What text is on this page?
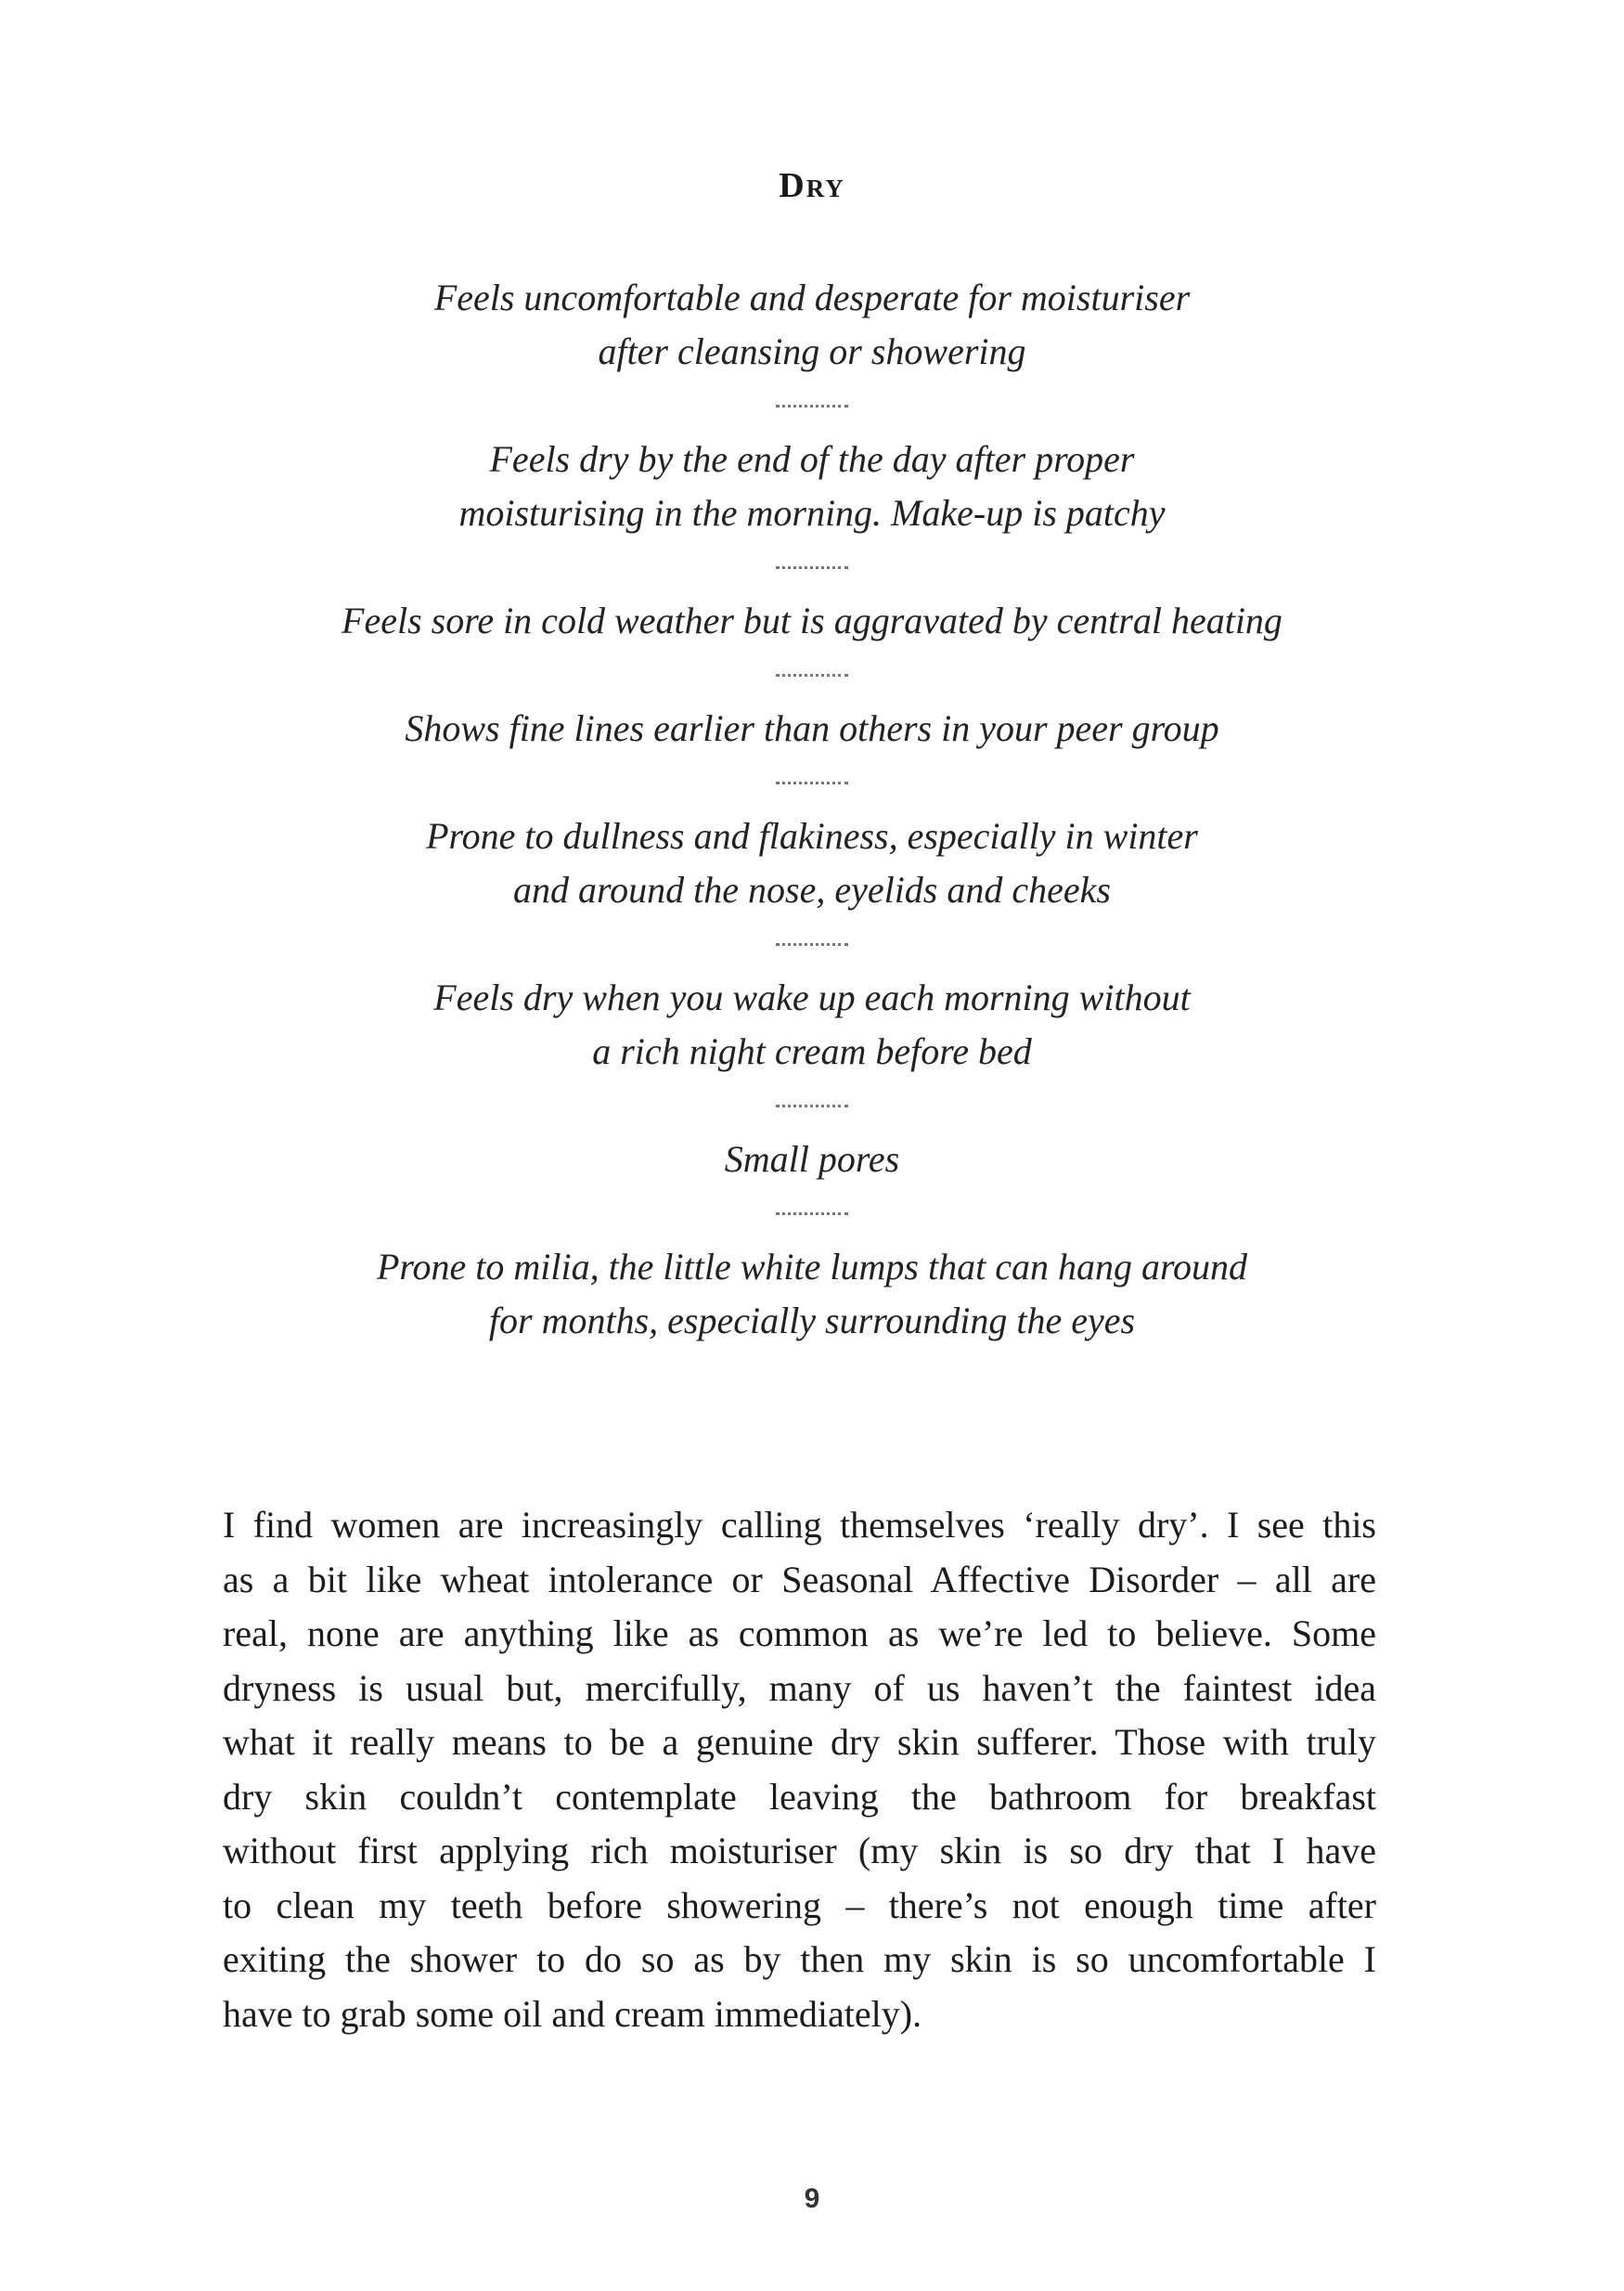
Dry
Feels uncomfortable and desperate for moisturiser
after cleansing or showering
Feels dry by the end of the day after proper
moisturising in the morning. Make-up is patchy
Feels sore in cold weather but is aggravated by central heating
Shows fine lines earlier than others in your peer group
Prone to dullness and flakiness, especially in winter
and around the nose, eyelids and cheeks
Feels dry when you wake up each morning without
a rich night cream before bed
Small pores
Prone to milia, the little white lumps that can hang around
for months, especially surrounding the eyes
I find women are increasingly calling themselves ‘really dry’. I see this
as a bit like wheat intolerance or Seasonal Affective Disorder – all are
real, none are anything like as common as we’re led to believe. Some
dryness is usual but, mercifully, many of us haven’t the faintest idea
what it really means to be a genuine dry skin sufferer. Those with truly
dry skin couldn’t contemplate leaving the bathroom for breakfast
without first applying rich moisturiser (my skin is so dry that I have
to clean my teeth before showering – there’s not enough time after
exiting the shower to do so as by then my skin is so uncomfortable I
have to grab some oil and cream immediately).
9
